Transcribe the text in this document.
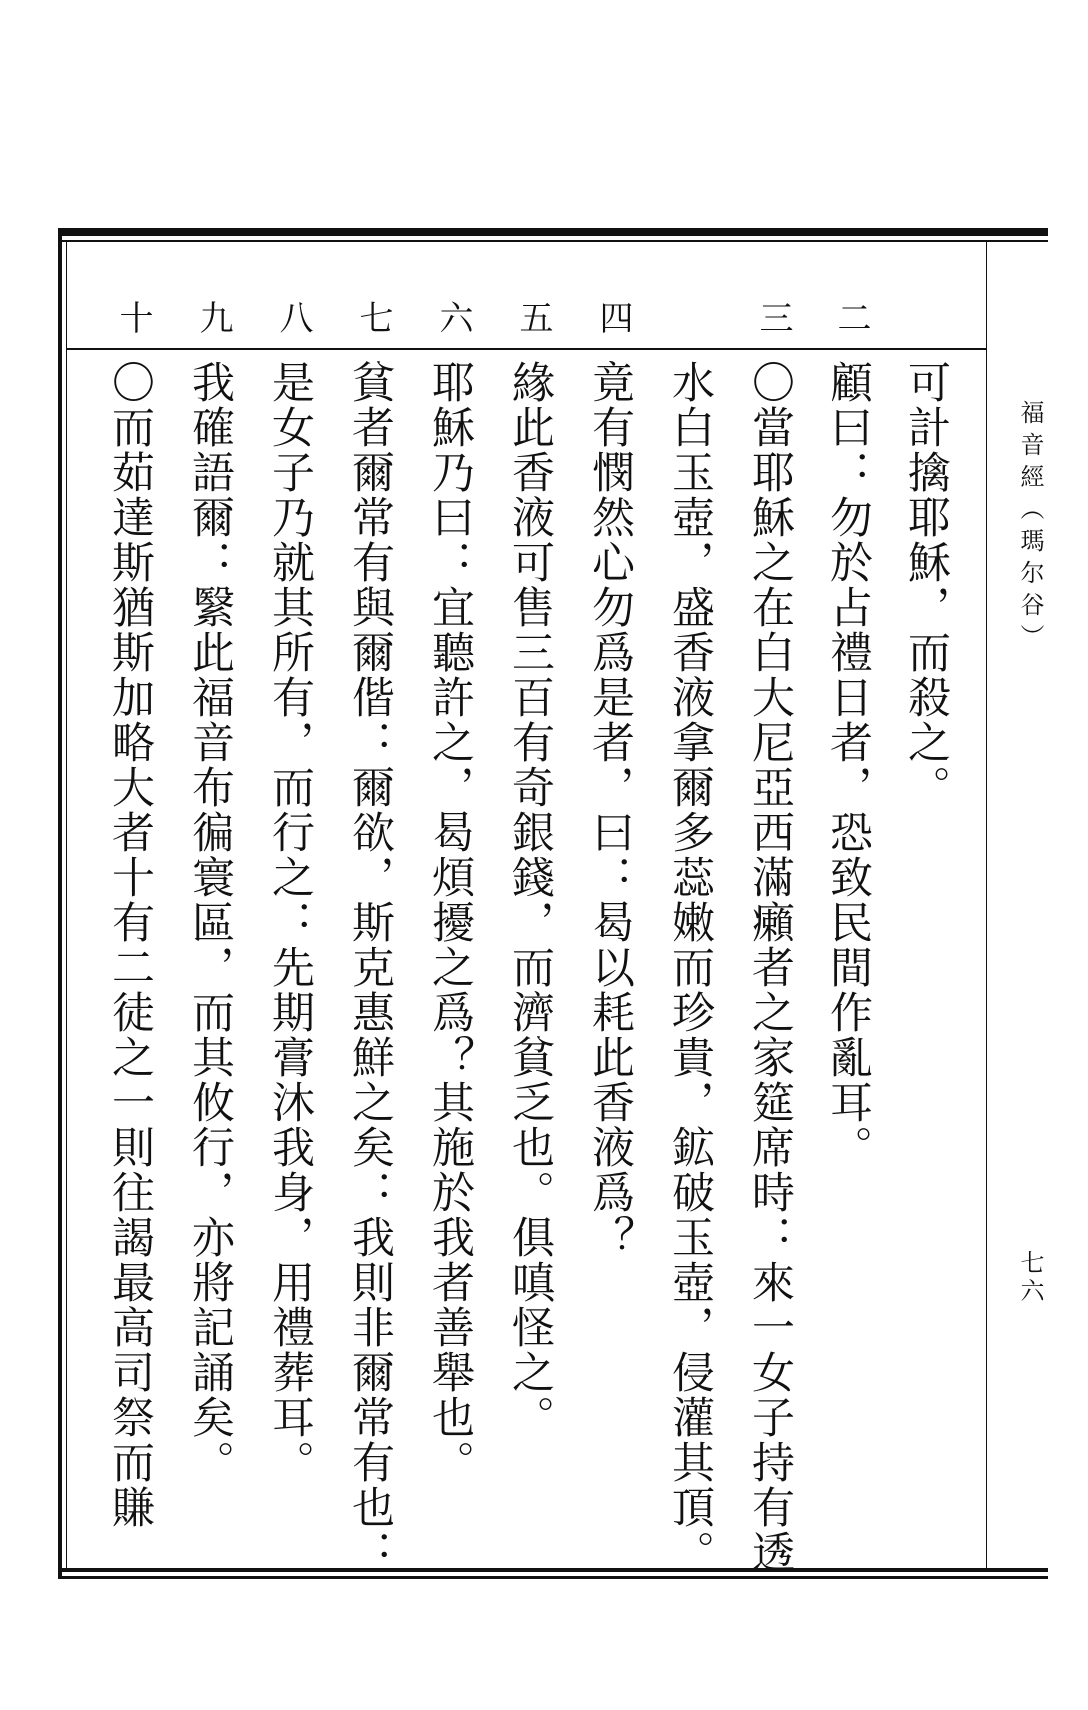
福音經（瑪尔谷）
七六
二
三
四
五
六
七
八
九
十
可計擒耶穌，而殺之。
顧曰：勿於占禮日者，恐致民間作亂耳。
〇當耶穌之在白大尼亞西滿癩者之家筵席時：來一女子持有透
水白玉壺，盛香液拿爾多蕊嫩而珍貴，鉱破玉壺，侵灌其頂。
竟有憫然心勿爲是者，曰：曷以耗此香液爲？
緣此香液可售三百有奇銀錢，而濟貧乏也。俱嗔怪之。
耶穌乃曰：宜聽許之，曷煩擾之爲？其施於我者善舉也。
貧者爾常有與爾偕：爾欲，斯克惠鮮之矣：我則非爾常有也：
是女子乃就其所有，而行之：先期膏沐我身，用禮葬耳。
我確語爾：繄此福音布徧寰區，而其攸行，亦將記誦矣。
〇而茹達斯猶斯加略大者十有二徒之一則往謁最高司祭而賺
